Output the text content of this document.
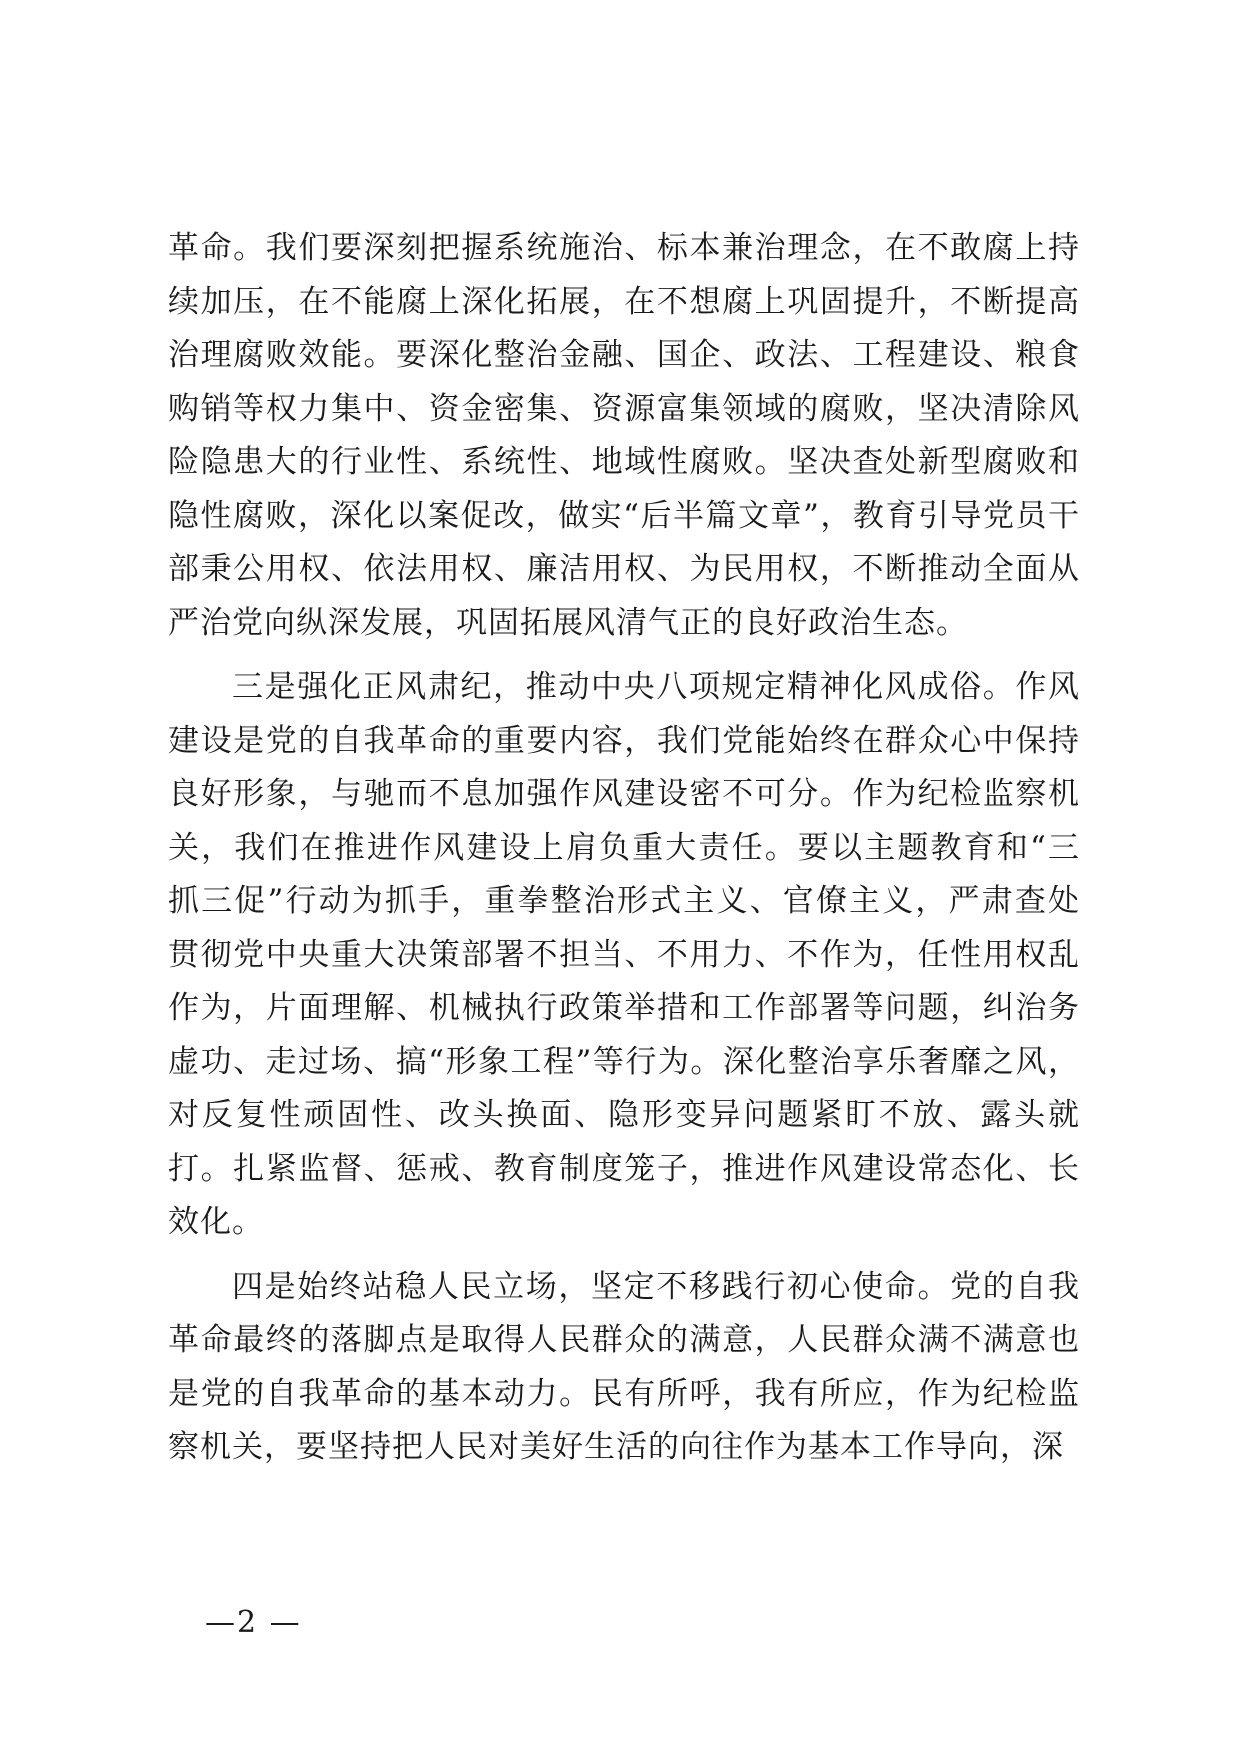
革命。我们要深刻把握系统施治、标本兼治理念，在不敢腐上持续加压，在不能腐上深化拓展，在不想腐上巩固提升，不断提高治理腐败效能。要深化整治金融、国企、政法、工程建设、粮食购销等权力集中、资金密集、资源富集领域的腐败，坚决清除风险隐患大的行业性、系统性、地域性腐败。坚决查处新型腐败和隐性腐败，深化以案促改，做实“后半篇文章”，教育引导党员干部秉公用权、依法用权、廉洁用权、为民用权，不断推动全面从严治党向纵深发展，巩固拓展风清气正的良好政治生态。

三是强化正风肃纪，推动中央八项规定精神化风成俗。作风建设是党的自我革命的重要内容，我们党能始终在群众心中保持良好形象，与驰而不息加强作风建设密不可分。作为纪检监察机关，我们在推进作风建设上肩负重大责任。要以主题教育和“三抓三促”行动为抓手，重拳整治形式主义、官僚主义，严肃查处贯彻党中央重大决策部署不担当、不用力、不作为，任性用权乱作为，片面理解、机械执行政策举措和工作部署等问题，纠治务虚功、走过场、搞“形象工程”等行为。深化整治享乐奢靡之风，对反复性顽固性、改头换面、隐形变异问题紧盯不放、露头就打。扎紧监督、惩戒、教育制度笼子，推进作风建设常态化、长效化。

四是始终站稳人民立场，坚定不移践行初心使命。党的自我革命最终的落脚点是取得人民群众的满意，人民群众满不满意也是党的自我革命的基本动力。民有所呼，我有所应，作为纪检监察机关，要坚持把人民对美好生活的向往作为基本工作导向，深

—2 —
